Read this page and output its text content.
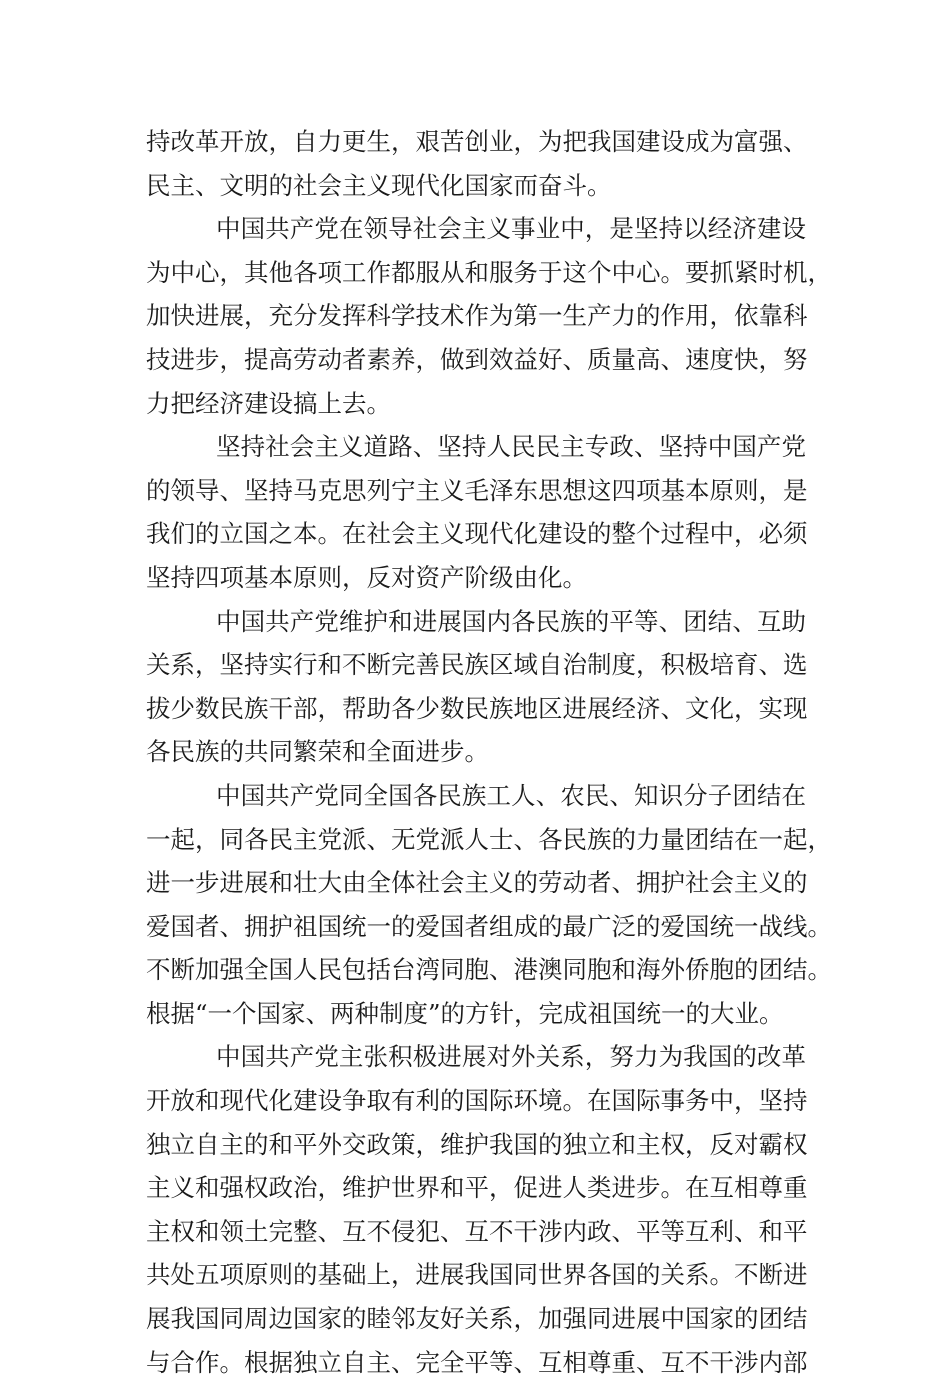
持改革开放，自力更生，艰苦创业，为把我国建设成为富强、
民主、文明的社会主义现代化国家而奋斗。
中国共产党在领导社会主义事业中，是坚持以经济建设
为中心，其他各项工作都服从和服务于这个中心。要抓紧时机，
加快进展，充分发挥科学技术作为第一生产力的作用，依靠科
技进步，提高劳动者素养，做到效益好、质量高、速度快，努
力把经济建设搞上去。
坚持社会主义道路、坚持人民民主专政、坚持中国产党
的领导、坚持马克思列宁主义毛泽东思想这四项基本原则，是
我们的立国之本。在社会主义现代化建设的整个过程中，必须
坚持四项基本原则，反对资产阶级由化。
中国共产党维护和进展国内各民族的平等、团结、互助
关系，坚持实行和不断完善民族区域自治制度，积极培育、选
拔少数民族干部，帮助各少数民族地区进展经济、文化，实现
各民族的共同繁荣和全面进步。
中国共产党同全国各民族工人、农民、知识分子团结在
一起，同各民主党派、无党派人士、各民族的力量团结在一起，
进一步进展和壮大由全体社会主义的劳动者、拥护社会主义的
爱国者、拥护祖国统一的爱国者组成的最广泛的爱国统一战线。
不断加强全国人民包括台湾同胞、港澳同胞和海外侨胞的团结。
根据“一个国家、两种制度”的方针，完成祖国统一的大业。
中国共产党主张积极进展对外关系，努力为我国的改革
开放和现代化建设争取有利的国际环境。在国际事务中，坚持
独立自主的和平外交政策，维护我国的独立和主权，反对霸权
主义和强权政治，维护世界和平，促进人类进步。在互相尊重
主权和领土完整、互不侵犯、互不干涉内政、平等互利、和平
共处五项原则的基础上，进展我国同世界各国的关系。不断进
展我国同周边国家的睦邻友好关系，加强同进展中国家的团结
与合作。根据独立自主、完全平等、互相尊重、互不干涉内部
